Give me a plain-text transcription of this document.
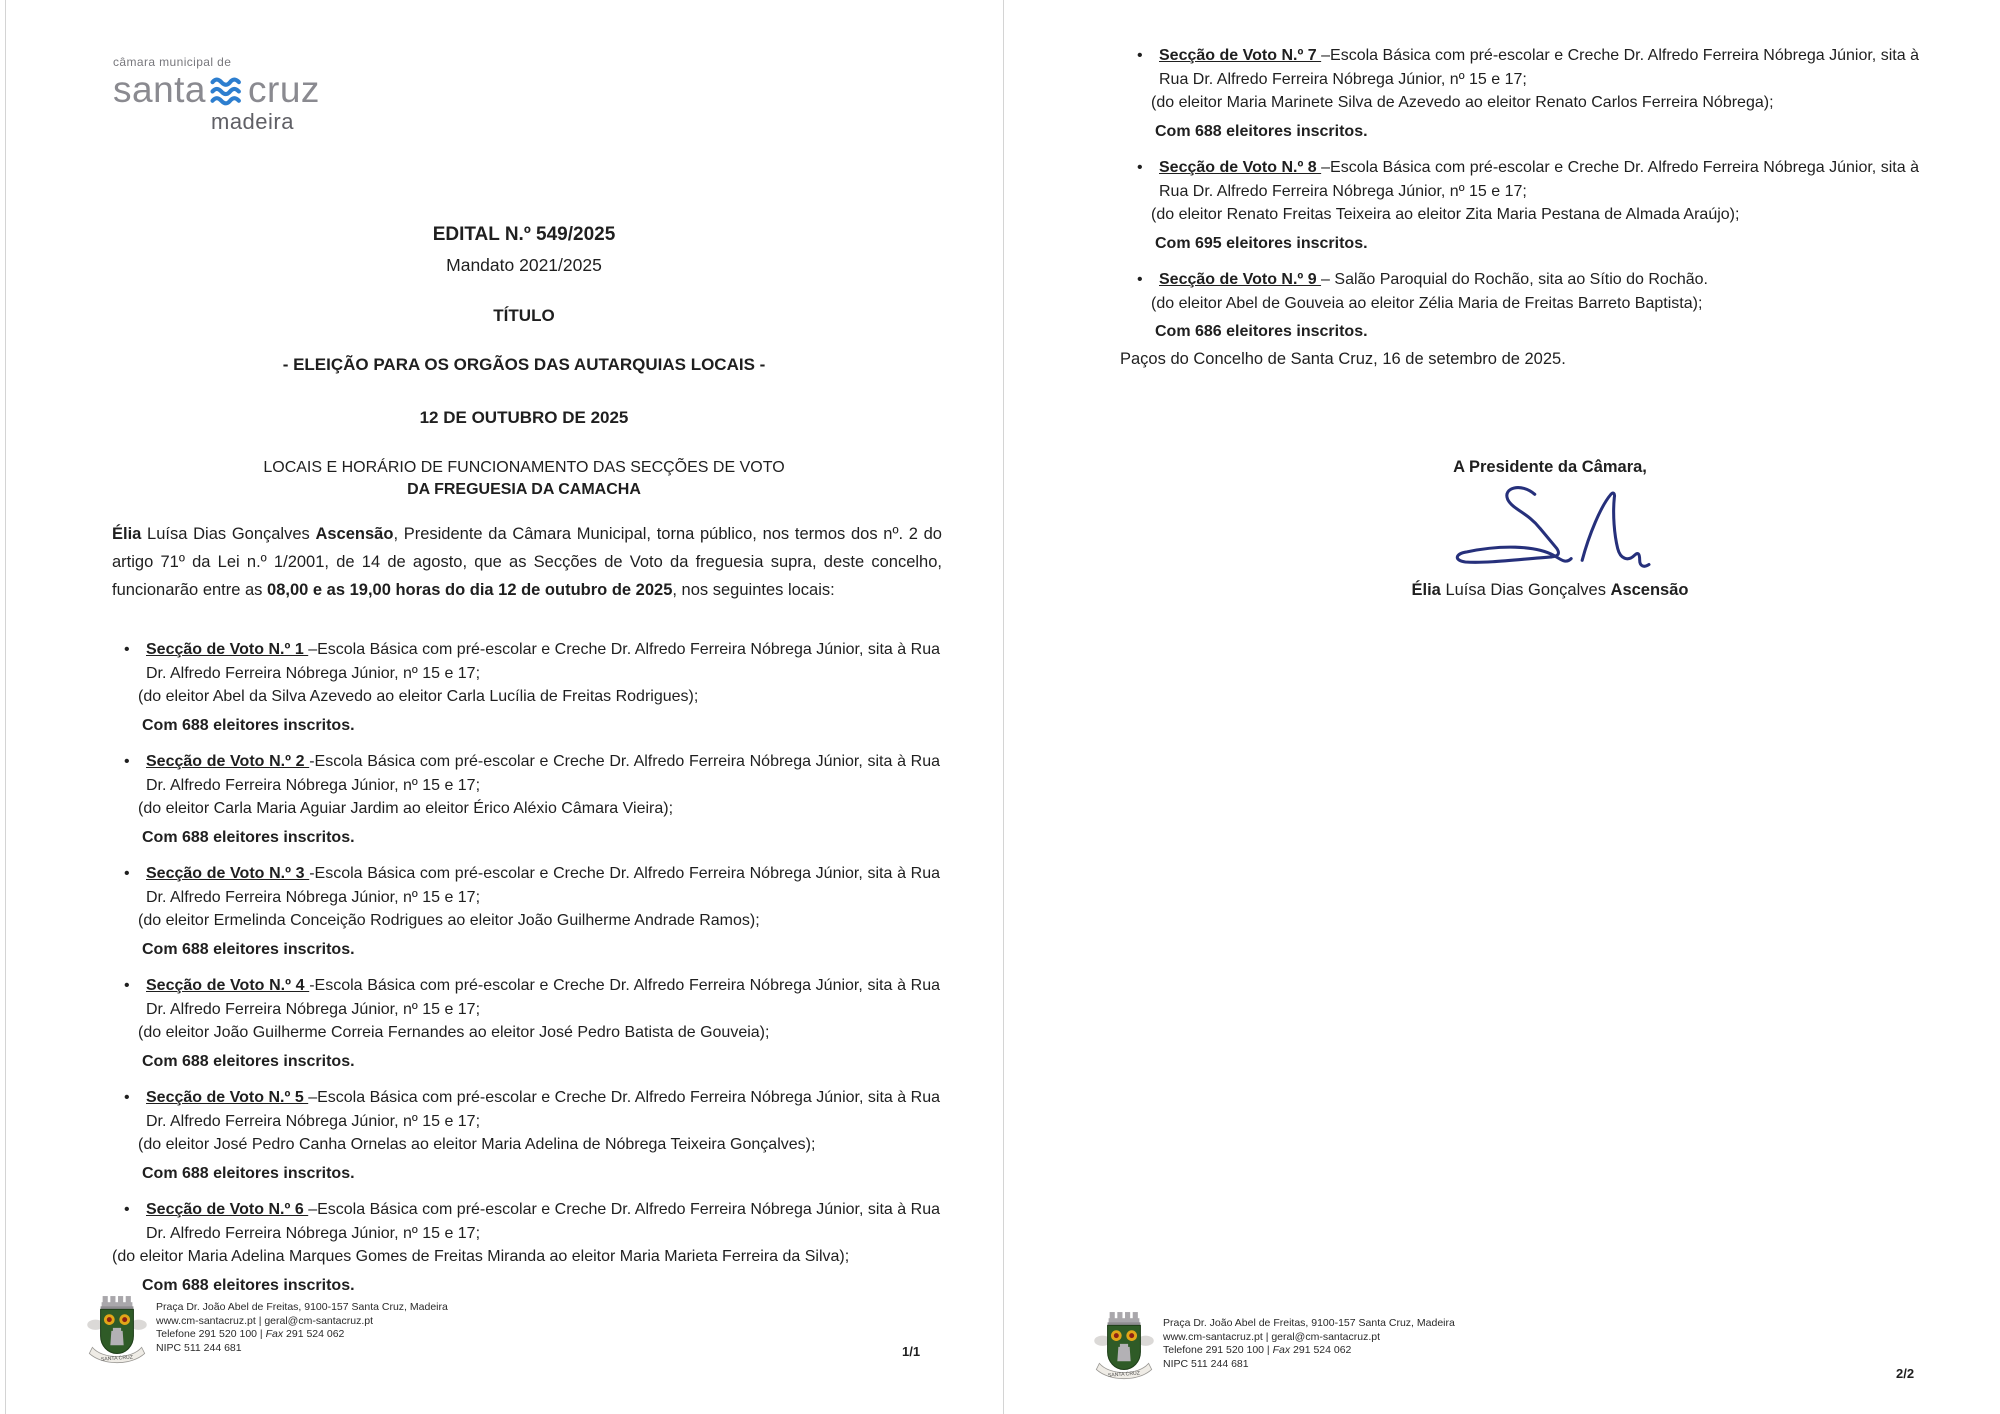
câmara municipal de
santa cruz
madeira
EDITAL N.º 549/2025
Mandato 2021/2025
TÍTULO
- ELEIÇÃO PARA OS ORGÃOS DAS AUTARQUIAS LOCAIS -
12 DE OUTUBRO DE 2025
LOCAIS E HORÁRIO DE FUNCIONAMENTO DAS SECÇÕES DE VOTO
DA FREGUESIA DA CAMACHA
Élia Luísa Dias Gonçalves Ascensão, Presidente da Câmara Municipal, torna público, nos termos dos nº. 2 do artigo 71º da Lei n.º 1/2001, de 14 de agosto, que as Secções de Voto da freguesia supra, deste concelho, funcionarão entre as 08,00 e as 19,00 horas do dia 12 de outubro de 2025, nos seguintes locais:
• Secção de Voto N.º 1 –Escola Básica com pré-escolar e Creche Dr. Alfredo Ferreira Nóbrega Júnior, sita à Rua Dr. Alfredo Ferreira Nóbrega Júnior, nº 15 e 17;
(do eleitor Abel da Silva Azevedo ao eleitor Carla Lucília de Freitas Rodrigues);
Com 688 eleitores inscritos.
• Secção de Voto N.º 2 -Escola Básica com pré-escolar e Creche Dr. Alfredo Ferreira Nóbrega Júnior, sita à Rua Dr. Alfredo Ferreira Nóbrega Júnior, nº 15 e 17;
(do eleitor Carla Maria Aguiar Jardim ao eleitor Érico Aléxio Câmara Vieira);
Com 688 eleitores inscritos.
• Secção de Voto N.º 3 -Escola Básica com pré-escolar e Creche Dr. Alfredo Ferreira Nóbrega Júnior, sita à Rua Dr. Alfredo Ferreira Nóbrega Júnior, nº 15 e 17;
(do eleitor Ermelinda Conceição Rodrigues ao eleitor João Guilherme Andrade Ramos);
Com 688 eleitores inscritos.
• Secção de Voto N.º 4 -Escola Básica com pré-escolar e Creche Dr. Alfredo Ferreira Nóbrega Júnior, sita à Rua Dr. Alfredo Ferreira Nóbrega Júnior, nº 15 e 17;
(do eleitor João Guilherme Correia Fernandes ao eleitor José Pedro Batista de Gouveia);
Com 688 eleitores inscritos.
• Secção de Voto N.º 5 –Escola Básica com pré-escolar e Creche Dr. Alfredo Ferreira Nóbrega Júnior, sita à Rua Dr. Alfredo Ferreira Nóbrega Júnior, nº 15 e 17;
(do eleitor José Pedro Canha Ornelas ao eleitor Maria Adelina de Nóbrega Teixeira Gonçalves);
Com 688 eleitores inscritos.
• Secção de Voto N.º 6 –Escola Básica com pré-escolar e Creche Dr. Alfredo Ferreira Nóbrega Júnior, sita à Rua Dr. Alfredo Ferreira Nóbrega Júnior, nº 15 e 17;
(do eleitor Maria Adelina Marques Gomes de Freitas Miranda ao eleitor Maria Marieta Ferreira da Silva);
Com 688 eleitores inscritos.
SANTA CRUZ
Praça Dr. João Abel de Freitas, 9100-157 Santa Cruz, Madeira
www.cm-santacruz.pt | geral@cm-santacruz.pt
Telefone 291 520 100 | Fax 291 524 062
NIPC 511 244 681	1/1
• Secção de Voto N.º 7 –Escola Básica com pré-escolar e Creche Dr. Alfredo Ferreira Nóbrega Júnior, sita à Rua Dr. Alfredo Ferreira Nóbrega Júnior, nº 15 e 17;
(do eleitor Maria Marinete Silva de Azevedo ao eleitor Renato Carlos Ferreira Nóbrega);
Com 688 eleitores inscritos.
• Secção de Voto N.º 8 –Escola Básica com pré-escolar e Creche Dr. Alfredo Ferreira Nóbrega Júnior, sita à Rua Dr. Alfredo Ferreira Nóbrega Júnior, nº 15 e 17;
(do eleitor Renato Freitas Teixeira ao eleitor Zita Maria Pestana de Almada Araújo);
Com 695 eleitores inscritos.
• Secção de Voto N.º 9 – Salão Paroquial do Rochão, sita ao Sítio do Rochão.
(do eleitor Abel de Gouveia ao eleitor Zélia Maria de Freitas Barreto Baptista);
Com 686 eleitores inscritos.
Paços do Concelho de Santa Cruz, 16 de setembro de 2025.
A Presidente da Câmara,
Élia Luísa Dias Gonçalves Ascensão
SANTA CRUZ
Praça Dr. João Abel de Freitas, 9100-157 Santa Cruz, Madeira
www.cm-santacruz.pt | geral@cm-santacruz.pt
Telefone 291 520 100 | Fax 291 524 062
NIPC 511 244 681
2/2
